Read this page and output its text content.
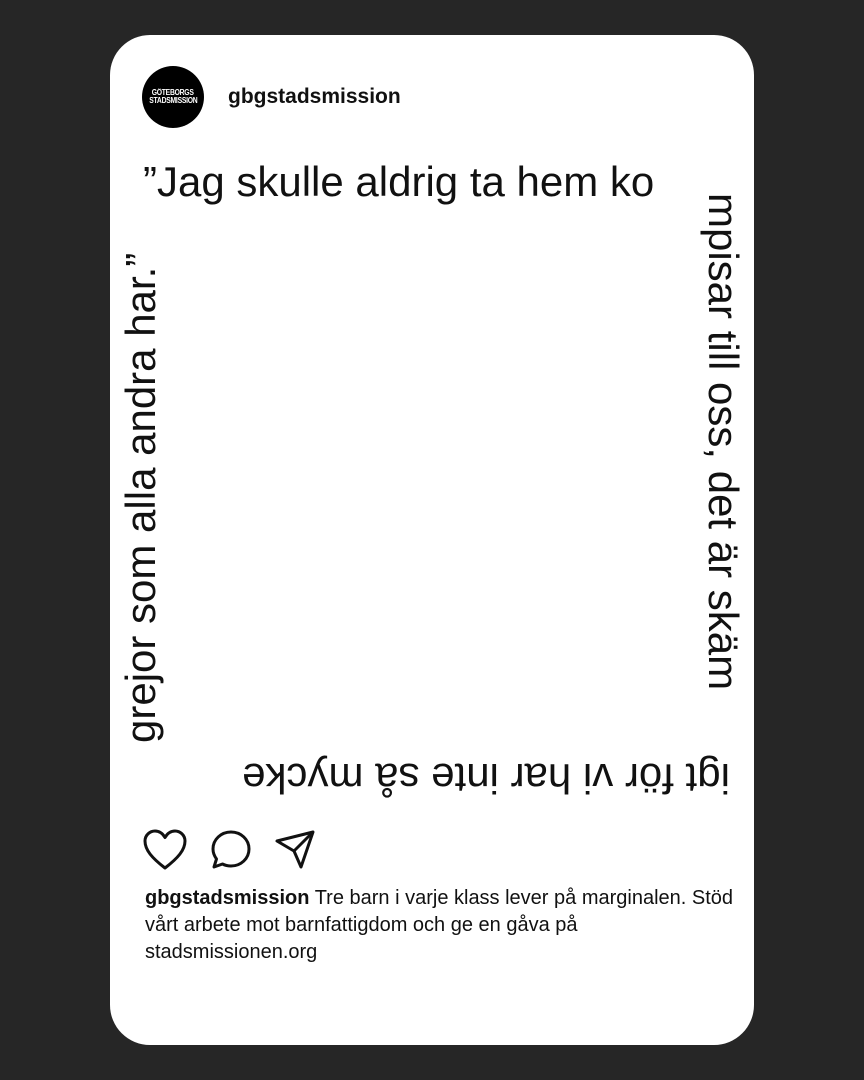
GÖTEBORGS
STADSMISSION gbgstadsmission
”Jag skulle aldrig ta hem ko
mpisar till oss, det är skäm
igt för vi har inte så mycke
grejor som alla andra har.”
gbgstadsmission Tre barn i varje klass lever på marginalen. Stöd vårt arbete mot barnfattigdom och ge en gåva på stadsmissionen.org
